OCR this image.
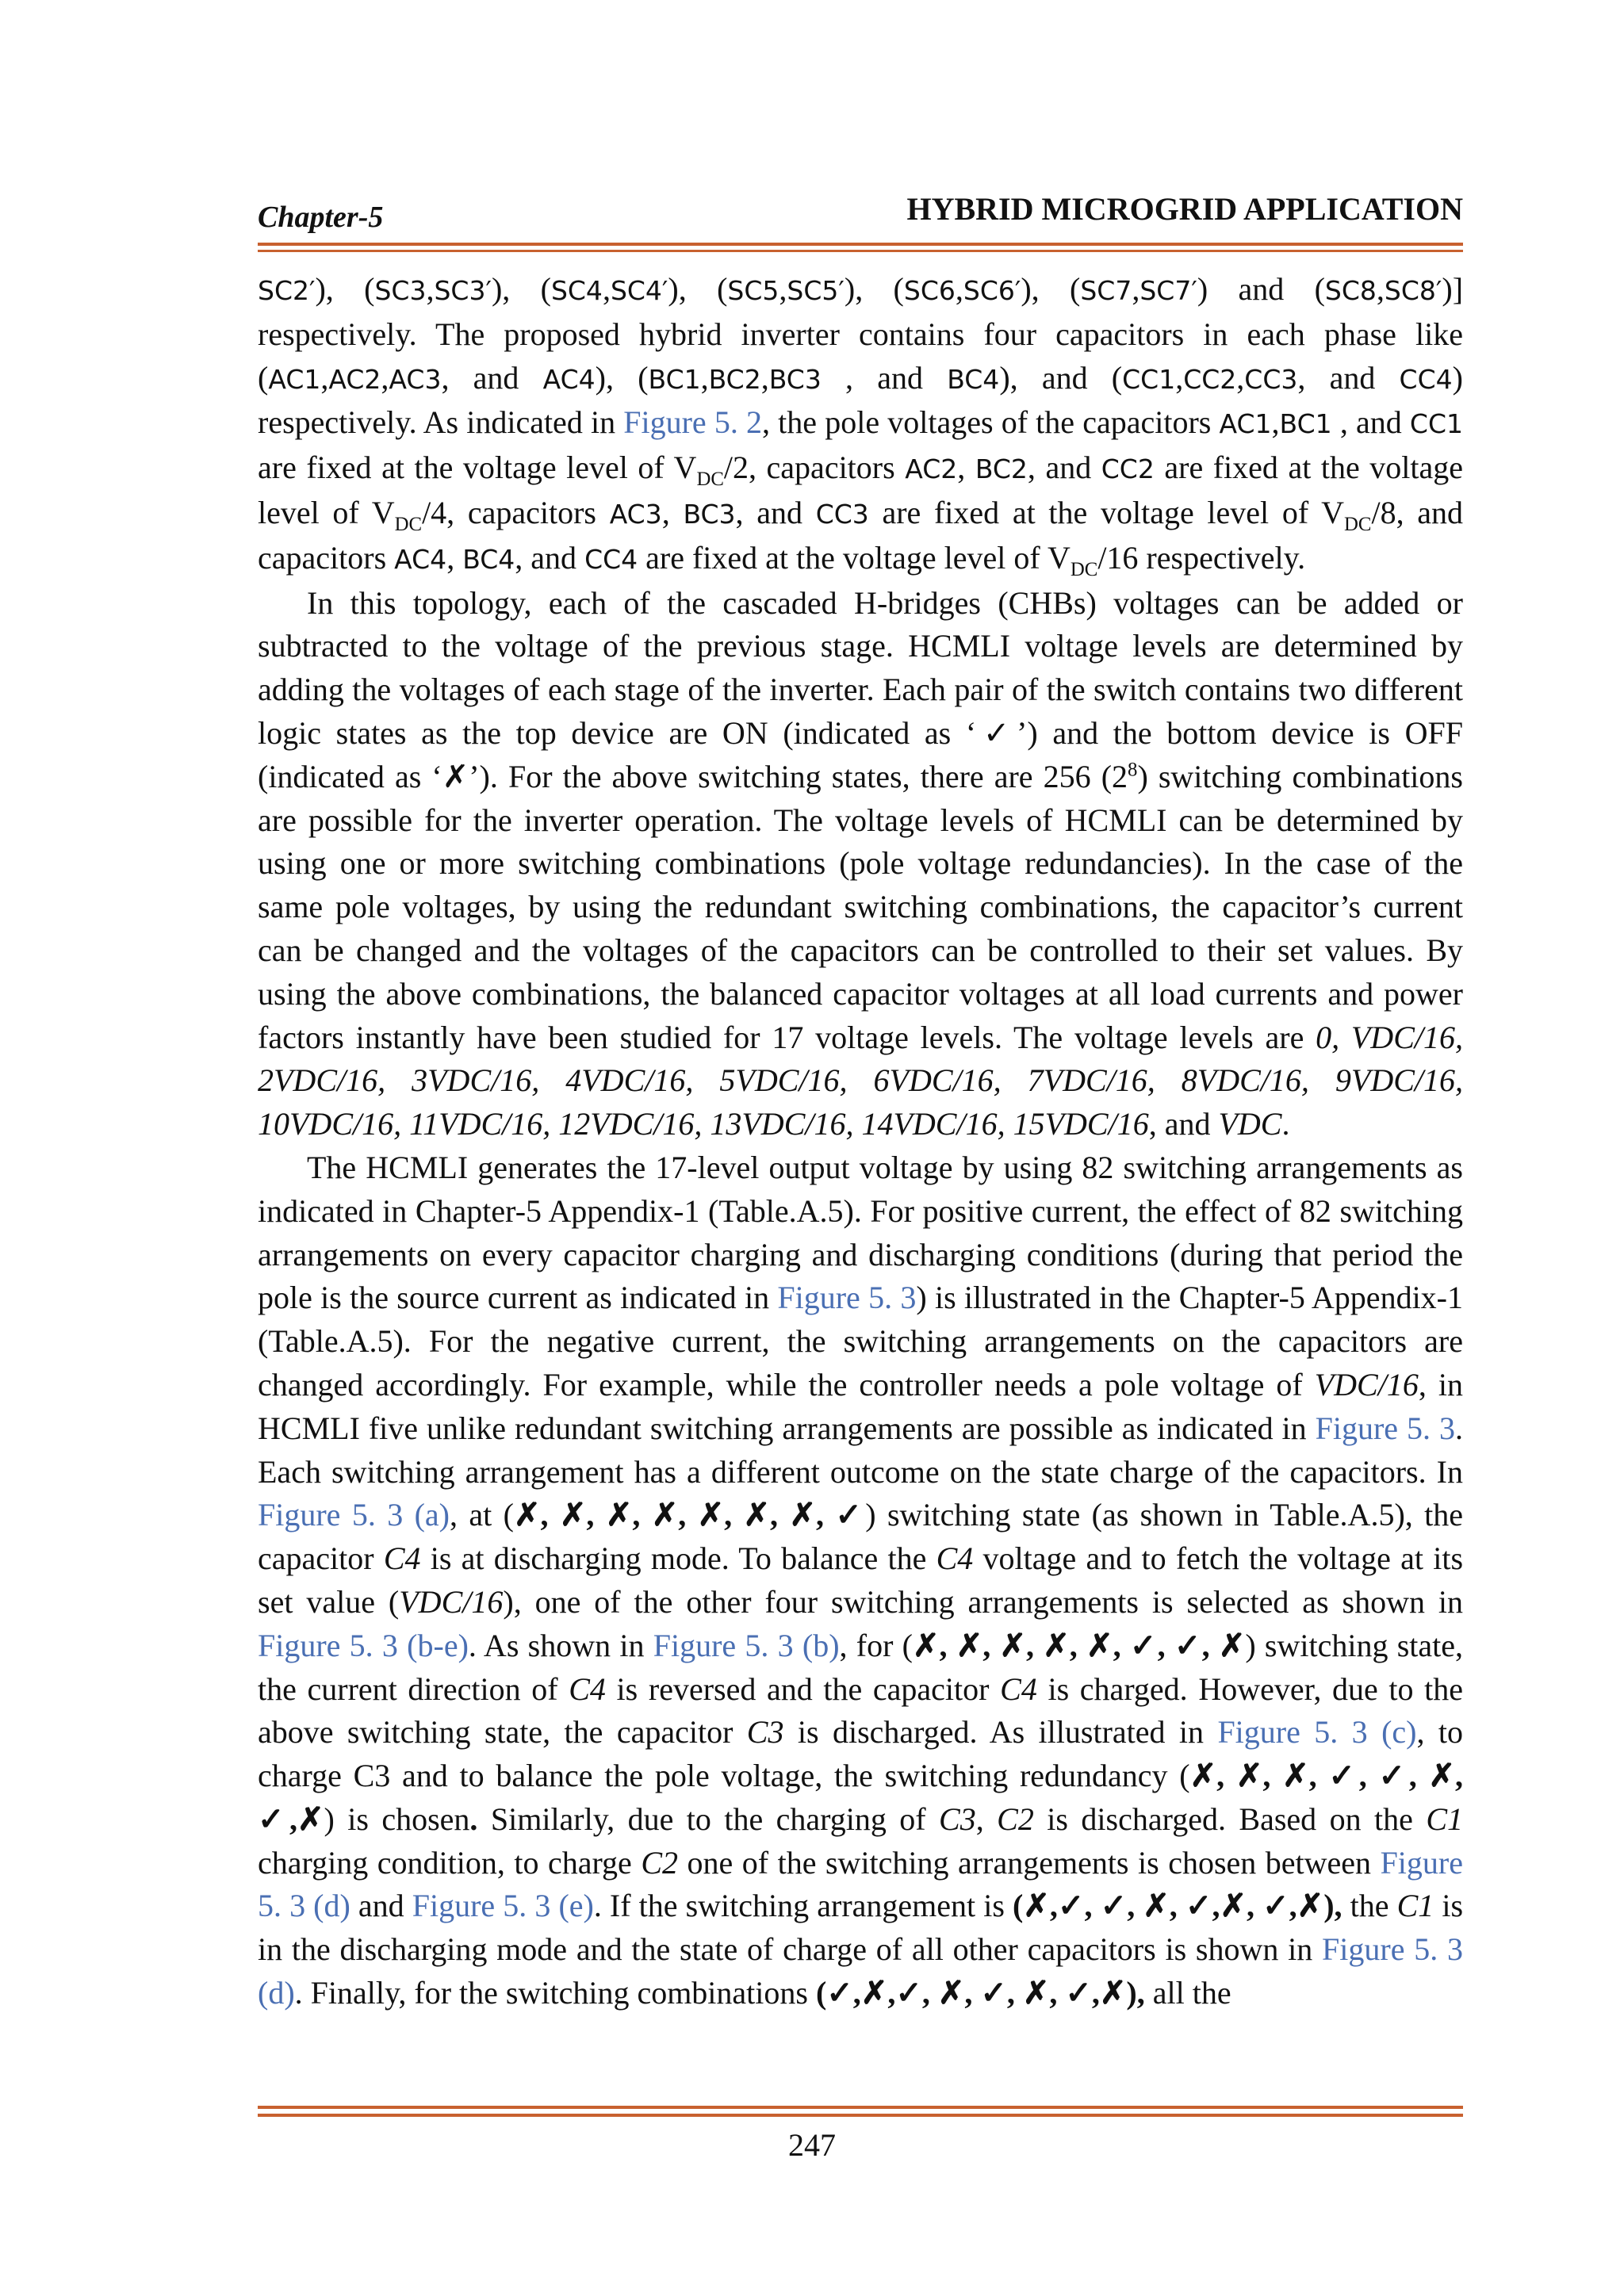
Chapter-5	HYBRID MICROGRID APPLICATION

SC2′), (SC3,SC3′), (SC4,SC4′), (SC5,SC5′), (SC6,SC6′), (SC7,SC7′) and (SC8,SC8′)] respectively. The proposed hybrid inverter contains four capacitors in each phase like (AC1,AC2,AC3, and AC4), (BC1,BC2,BC3 , and BC4), and (CC1,CC2,CC3, and CC4) respectively. As indicated in Figure 5. 2, the pole voltages of the capacitors AC1,BC1 , and CC1 are fixed at the voltage level of $V_{DC}/2$, capacitors AC2, BC2, and CC2 are fixed at the voltage level of $V_{DC}/4$, capacitors AC3, BC3, and CC3 are fixed at the voltage level of $V_{DC}/8$, and capacitors AC4, BC4, and CC4 are fixed at the voltage level of $V_{DC}/16$ respectively.

In this topology, each of the cascaded H-bridges (CHBs) voltages can be added or subtracted to the voltage of the previous stage. HCMLI voltage levels are determined by adding the voltages of each stage of the inverter. Each pair of the switch contains two different logic states as the top device are ON (indicated as ‘✓’) and the bottom device is OFF (indicated as ‘✗’). For the above switching states, there are 256 $(2^8)$ switching combinations are possible for the inverter operation. The voltage levels of HCMLI can be determined by using one or more switching combinations (pole voltage redundancies). In the case of the same pole voltages, by using the redundant switching combinations, the capacitor’s current can be changed and the voltages of the capacitors can be controlled to their set values. By using the above combinations, the balanced capacitor voltages at all load currents and power factors instantly have been studied for 17 voltage levels. The voltage levels are 0, VDC/16, 2VDC/16, 3VDC/16, 4VDC/16, 5VDC/16, 6VDC/16, 7VDC/16, 8VDC/16, 9VDC/16, 10VDC/16, 11VDC/16, 12VDC/16, 13VDC/16, 14VDC/16, 15VDC/16, and VDC.

The HCMLI generates the 17-level output voltage by using 82 switching arrangements as indicated in Chapter-5 Appendix-1 (Table.A.5). For positive current, the effect of 82 switching arrangements on every capacitor charging and discharging conditions (during that period the pole is the source current as indicated in Figure 5. 3) is illustrated in the Chapter-5 Appendix-1 (Table.A.5). For the negative current, the switching arrangements on the capacitors are changed accordingly. For example, while the controller needs a pole voltage of VDC/16, in HCMLI five unlike redundant switching arrangements are possible as indicated in Figure 5. 3. Each switching arrangement has a different outcome on the state charge of the capacitors. In Figure 5. 3 (a), at (✗, ✗, ✗, ✗, ✗, ✗, ✗, ✓) switching state (as shown in Table.A.5), the capacitor C4 is at discharging mode. To balance the C4 voltage and to fetch the voltage at its set value (VDC/16), one of the other four switching arrangements is selected as shown in Figure 5. 3 (b-e). As shown in Figure 5. 3 (b), for (✗, ✗, ✗, ✗, ✗, ✓, ✓, ✗) switching state, the current direction of C4 is reversed and the capacitor C4 is charged. However, due to the above switching state, the capacitor C3 is discharged. As illustrated in Figure 5. 3 (c), to charge C3 and to balance the pole voltage, the switching redundancy (✗, ✗, ✗, ✓, ✓, ✗, ✓,✗) is chosen. Similarly, due to the charging of C3, C2 is discharged. Based on the C1 charging condition, to charge C2 one of the switching arrangements is chosen between Figure 5. 3 (d) and Figure 5. 3 (e). If the switching arrangement is (✗,✓, ✓, ✗, ✓,✗, ✓,✗), the C1 is in the discharging mode and the state of charge of all other capacitors is shown in Figure 5. 3 (d). Finally, for the switching combinations (✓,✗,✓, ✗, ✓, ✗, ✓,✗), all the

247
